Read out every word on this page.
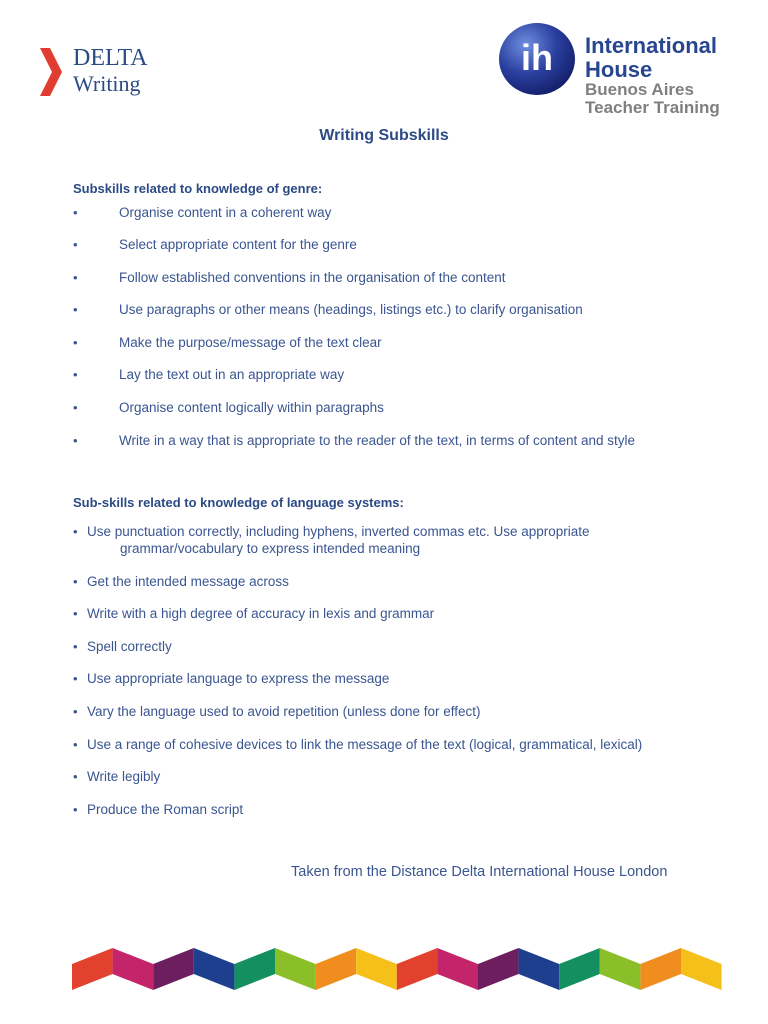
DELTA
Writing
ih International
House
Buenos Aires
Teacher Training
Writing Subskills
Subskills related to knowledge of genre:
•	Organise content in a coherent way
•	Select appropriate content for the genre
•	Follow established conventions in the organisation of the content
•	Use paragraphs or other means (headings, listings etc.) to clarify organisation
•	Make the purpose/message of the text clear
•	Lay the text out in an appropriate way
•	Organise content logically within paragraphs
•	Write in a way that is appropriate to the reader of the text, in terms of content and style
Sub-skills related to knowledge of language systems:
• Use punctuation correctly, including hyphens, inverted commas etc. Use appropriate
grammar/vocabulary to express intended meaning
• Get the intended message across
• Write with a high degree of accuracy in lexis and grammar
• Spell correctly
• Use appropriate language to express the message
• Vary the language used to avoid repetition (unless done for effect)
• Use a range of cohesive devices to link the message of the text (logical, grammatical, lexical)
• Write legibly
• Produce the Roman script
Taken from the Distance Delta International House London
